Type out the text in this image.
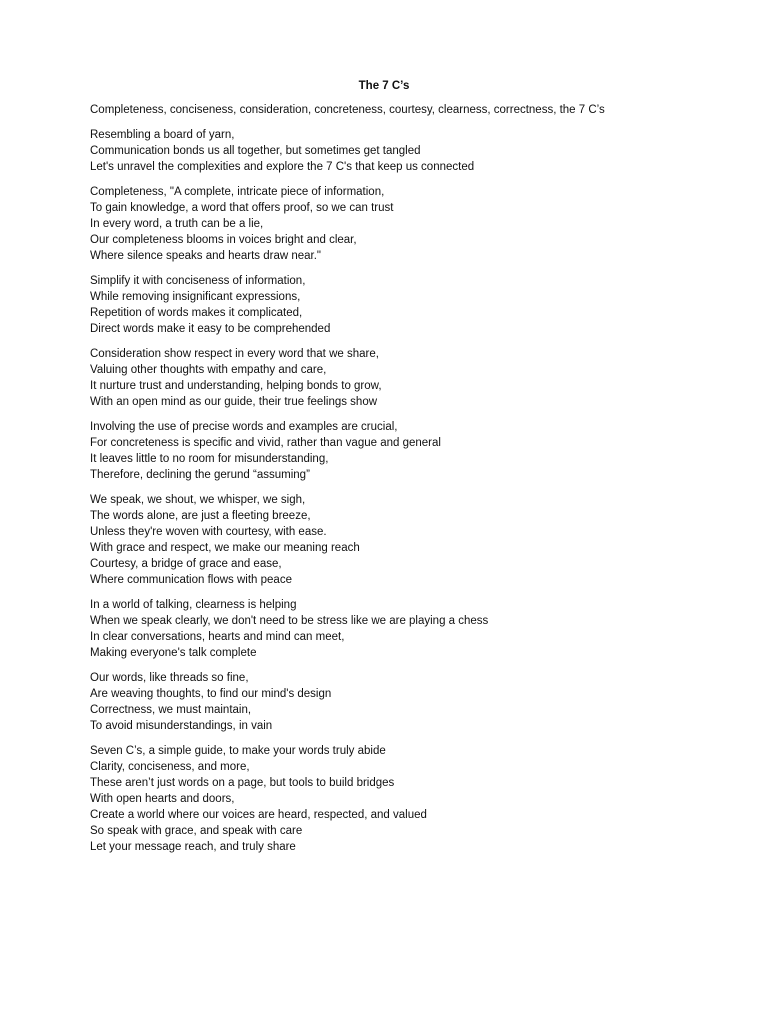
The 7 C’s
Completeness, conciseness, consideration, concreteness, courtesy, clearness, correctness, the 7 C’s
Resembling a board of yarn,
Communication bonds us all together, but sometimes get tangled
Let's unravel the complexities and explore the 7 C's that keep us connected
Completeness, "A complete, intricate piece of information,
To gain knowledge, a word that offers proof, so we can trust
In every word, a truth can be a lie,
Our completeness blooms in voices bright and clear,
Where silence speaks and hearts draw near."
Simplify it with conciseness of information,
While removing insignificant expressions,
Repetition of words makes it complicated,
Direct words make it easy to be comprehended
Consideration show respect in every word that we share,
Valuing other thoughts with empathy and care,
It nurture trust and understanding, helping bonds to grow,
With an open mind as our guide, their true feelings show
Involving the use of precise words and examples are crucial,
For concreteness is specific and vivid, rather than vague and general
It leaves little to no room for misunderstanding,
Therefore, declining the gerund “assuming”
We speak, we shout, we whisper, we sigh,
The words alone, are just a fleeting breeze,
Unless they're woven with courtesy, with ease.
With grace and respect, we make our meaning reach
Courtesy, a bridge of grace and ease,
Where communication flows with peace
In a world of talking, clearness is helping
When we speak clearly, we don't need to be stress like we are playing a chess
In clear conversations, hearts and mind can meet,
Making everyone's talk complete
Our words, like threads so fine,
Are weaving thoughts, to find our mind's design
Correctness, we must maintain,
To avoid misunderstandings, in vain
Seven C’s, a simple guide, to make your words truly abide
Clarity, conciseness, and more,
These aren’t just words on a page, but tools to build bridges
With open hearts and doors,
Create a world where our voices are heard, respected, and valued
So speak with grace, and speak with care
Let your message reach, and truly share
